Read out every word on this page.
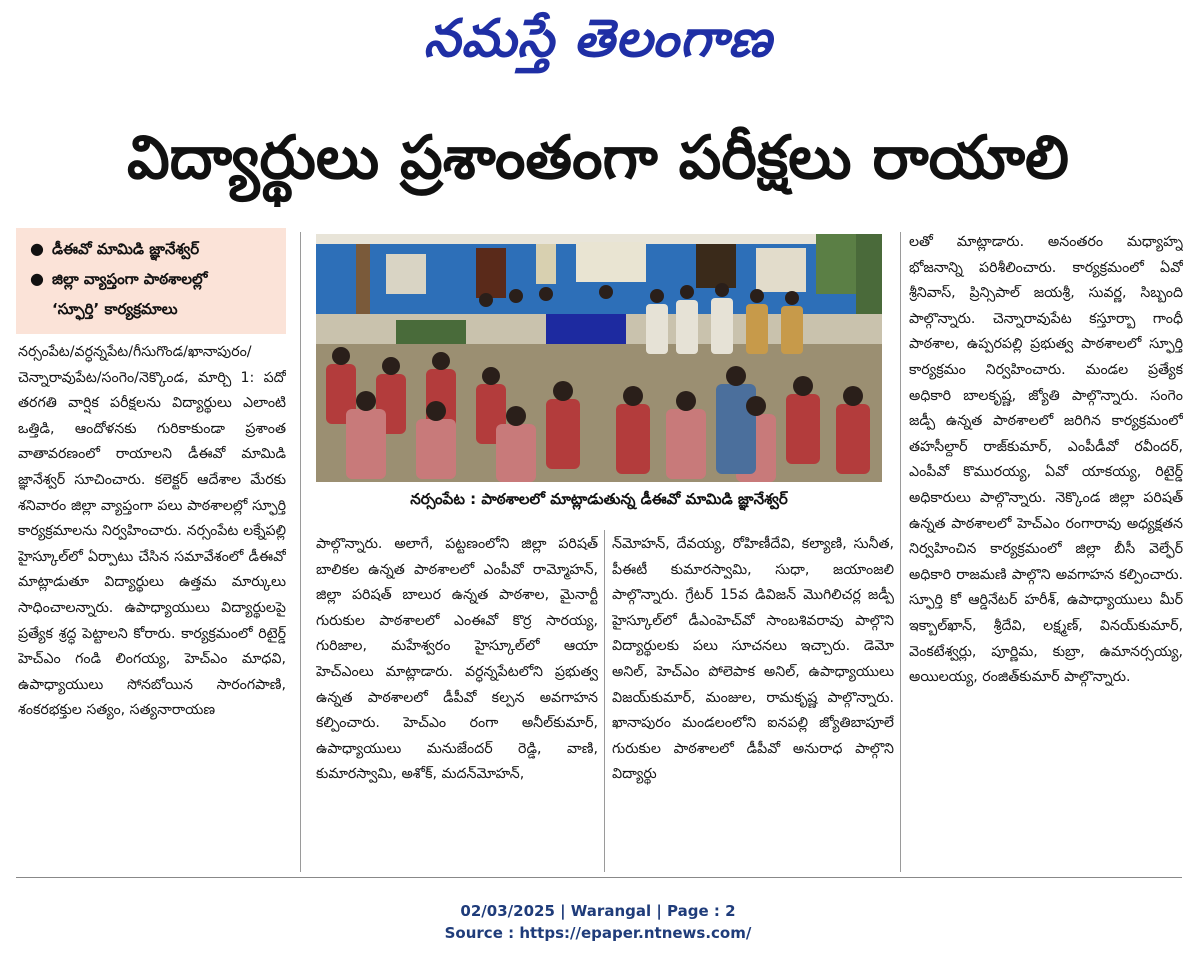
నమస్తే తెలంగాణ
విద్యార్థులు ప్రశాంతంగా పరీక్షలు రాయాలి
● డీఈవో మామిడి జ్ఞానేశ్వర్
● జిల్లా వ్యాప్తంగా పాఠశాలల్లో
‘స్ఫూర్తి’ కార్యక్రమాలు
నర్సంపేట : పాఠశాలలో మాట్లాడుతున్న డీఈవో మామిడి జ్ఞానేశ్వర్
నర్సంపేట/వర్ధన్నపేట/గీసుగొండ/ఖానాపురం/చెన్నారావుపేట/సంగెం/నెక్కొండ, మార్చి 1: పదో తరగతి వార్షిక పరీక్షలను విద్యార్థులు ఎలాంటి ఒత్తిడి, ఆందోళనకు గురికాకుండా ప్రశాంత వాతావరణంలో రాయాలని డీఈవో మామిడి జ్ఞానేశ్వర్ సూచించారు. కలెక్టర్ ఆదేశాల మేరకు శనివారం జిల్లా వ్యాప్తంగా పలు పాఠశాలల్లో స్ఫూర్తి కార్యక్రమాలను నిర్వహించారు. నర్సంపేట లక్నేపల్లి హైస్కూల్‌లో ఏర్పాటు చేసిన సమావేశంలో డీఈవో మాట్లాడుతూ విద్యార్థులు ఉత్తమ మార్కులు సాధించాలన్నారు. ఉపాధ్యాయులు విద్యార్థులపై ప్రత్యేక శ్రద్ధ పెట్టాలని కోరారు. కార్యక్రమంలో రిటైర్డ్ హెచ్‌ఎం గండి లింగయ్య, హెచ్‌ఎం మాధవి, ఉపాధ్యాయులు సోనబోయిన సారంగపాణి, శంకరభక్తుల సత్యం, సత్యనారాయణ
పాల్గొన్నారు. అలాగే, పట్టణంలోని జిల్లా పరిషత్ బాలికల ఉన్నత పాఠశాలలో ఎంపీవో రామ్మోహన్, జిల్లా పరిషత్ బాలుర ఉన్నత పాఠశాల, మైనార్టీ గురుకుల పాఠశాలలో ఎంఈవో కొర్ర సారయ్య, గురిజాల, మహేశ్వరం హైస్కూల్‌లో ఆయా హెచ్‌ఎంలు మాట్లాడారు. వర్ధన్నపేటలోని ప్రభుత్వ ఉన్నత పాఠశాలలో డీపీవో కల్పన అవగాహన కల్పించారు. హెచ్‌ఎం రంగా అనీల్‌కుమార్, ఉపాధ్యాయులు మనుజేందర్ రెడ్డి, వాణి, కుమారస్వామి, అశోక్, మదన్‌మోహన్,
న్‌మోహన్, దేవయ్య, రోహిణీదేవి, కల్యాణి, సునీత, పీఈటీ కుమారస్వామి, సుధా, జయాంజలి పాల్గొన్నారు. గ్రేటర్ 15వ డివిజన్ మొగిలిచర్ల జడ్పీ హైస్కూల్‌లో డీఎంహెచ్‌వో సాంబశివరావు పాల్గొని విద్యార్థులకు పలు సూచనలు ఇచ్చారు. డెమో అనిల్, హెచ్‌ఎం పోలెపాక అనిల్, ఉపాధ్యాయులు విజయ్‌కుమార్, మంజుల, రామకృష్ణ పాల్గొన్నారు. ఖానాపురం మండలంలోని ఐనపల్లి జ్యోతిబాపూలే గురుకుల పాఠశాలలో డీపీవో అనురాధ పాల్గొని విద్యార్థు
లతో మాట్లాడారు. అనంతరం మధ్యాహ్న భోజనాన్ని పరిశీలించారు. కార్యక్రమంలో ఏవో శ్రీనివాస్, ప్రిన్సిపాల్ జయశ్రీ, సువర్ణ, సిబ్బంది పాల్గొన్నారు. చెన్నారావుపేట కస్తూర్బా గాంధీ పాఠశాల, ఉప్పరపల్లి ప్రభుత్వ పాఠశాలలో స్ఫూర్తి కార్యక్రమం నిర్వహించారు. మండల ప్రత్యేక అధికారి బాలకృష్ణ, జ్యోతి పాల్గొన్నారు. సంగెం జడ్పీ ఉన్నత పాఠశాలలో జరిగిన కార్యక్రమంలో తహసీల్దార్ రాజ్‌కుమార్, ఎంపీడీవో రవీందర్, ఎంపీవో కొమురయ్య, ఏవో యాకయ్య, రిటైర్డ్ అధికారులు పాల్గొన్నారు. నెక్కొండ జిల్లా పరిషత్ ఉన్నత పాఠశాలలో హెచ్‌ఎం రంగారావు అధ్యక్షతన నిర్వహించిన కార్యక్రమంలో జిల్లా బీసీ వెల్ఫేర్ అధికారి రాజమణి పాల్గొని అవగాహన కల్పించారు. స్ఫూర్తి కో ఆర్డినేటర్ హరీశ్, ఉపాధ్యాయులు మీర్ ఇక్బాల్‌ఖాన్, శ్రీదేవి, లక్ష్మణ్, వినయ్‌కుమార్, వెంకటేశ్వర్లు, పూర్ణిమ, కుబ్రా, ఉమానర్సయ్య, అయిలయ్య, రంజిత్‌కుమార్ పాల్గొన్నారు.
02/03/2025 | Warangal | Page : 2
Source : https://epaper.ntnews.com/
